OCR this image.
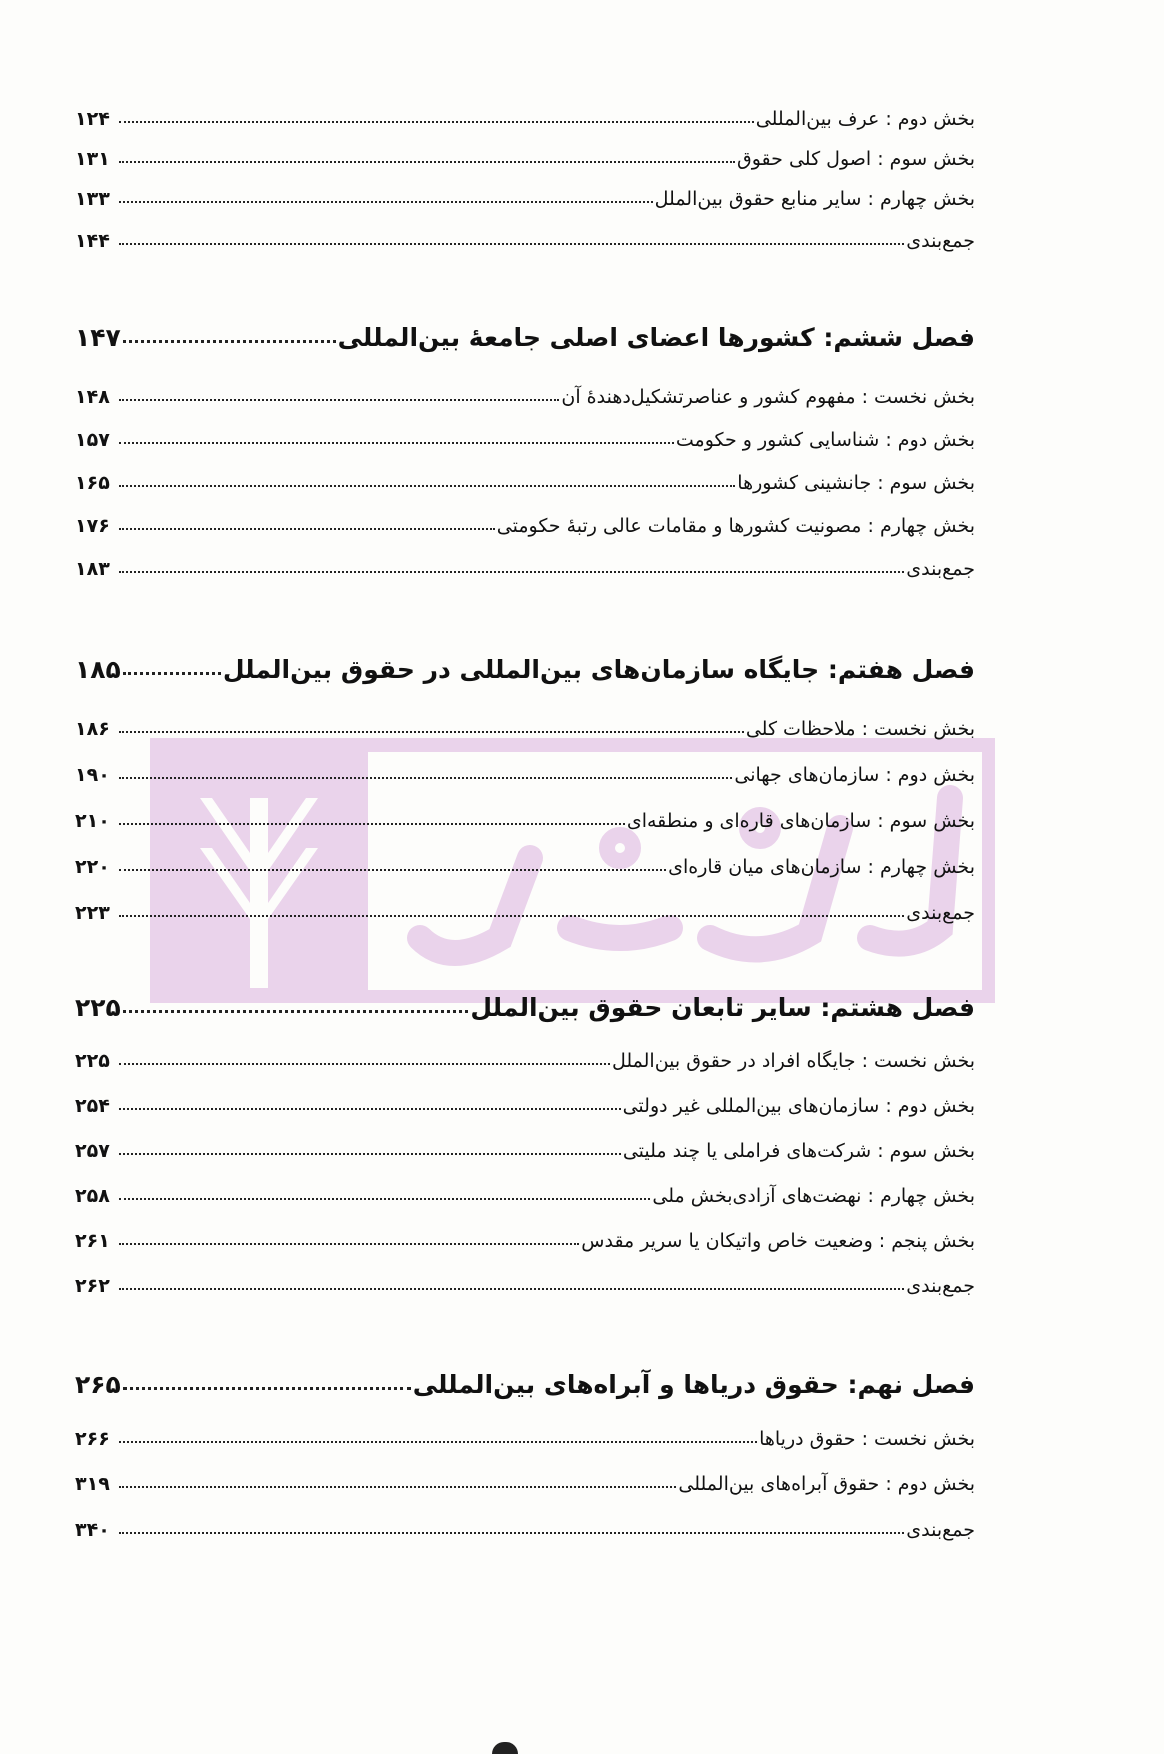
بخش دوم : عرف بین‌المللی
۱۲۴
بخش سوم : اصول کلی حقوق
۱۳۱
بخش چهارم : سایر منابع حقوق بین‌الملل
۱۳۳
جمع‌بندی
۱۴۴
فصل ششم: کشورها اعضای اصلی جامعهٔ بین‌المللی
۱۴۷
بخش نخست : مفهوم کشور و عناصرتشکیل‌دهندهٔ آن
۱۴۸
بخش دوم : شناسایی کشور و حکومت
۱۵۷
بخش سوم : جانشینی کشورها
۱۶۵
بخش چهارم : مصونیت کشورها و مقامات عالی رتبهٔ حکومتی
۱۷۶
جمع‌بندی
۱۸۳
فصل هفتم: جایگاه سازمان‌های بین‌المللی در حقوق بین‌الملل
۱۸۵
بخش نخست : ملاحظات کلی
۱۸۶
بخش دوم : سازمان‌های جهانی
۱۹۰
بخش سوم : سازمان‌های قاره‌ای و منطقه‌ای
۲۱۰
بخش چهارم : سازمان‌های میان قاره‌ای
۲۲۰
جمع‌بندی
۲۲۳
فصل هشتم: سایر تابعان حقوق بین‌الملل
۲۲۵
بخش نخست : جایگاه افراد در حقوق بین‌الملل
۲۲۵
بخش دوم : سازمان‌های بین‌المللی غیر دولتی
۲۵۴
بخش سوم : شرکت‌های فراملی یا چند ملیتی
۲۵۷
بخش چهارم : نهضت‌های آزادی‌بخش ملی
۲۵۸
بخش پنجم : وضعیت خاص واتیکان یا سریر مقدس
۲۶۱
جمع‌بندی
۲۶۲
فصل نهم: حقوق دریاها و آبراه‌های بین‌المللی
۲۶۵
بخش نخست : حقوق دریاها
۲۶۶
بخش دوم : حقوق آبراه‌های بین‌المللی
۳۱۹
جمع‌بندی
۳۴۰
